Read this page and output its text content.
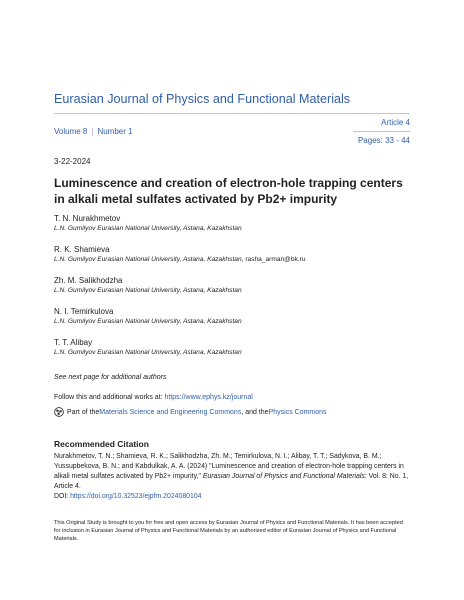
Eurasian Journal of Physics and Functional Materials
Volume 8 | Number 1
Article 4
Pages: 33 - 44
3-22-2024
Luminescence and creation of electron-hole trapping centers in alkali metal sulfates activated by Pb2+ impurity
T. N. Nurakhmetov
L.N. Gumilyov Eurasian National University, Astana, Kazakhstan
R. K. Shamieva
L.N. Gumilyov Eurasian National University, Astana, Kazakhstan, rasha_arman@bk.ru
Zh. M. Salikhodzha
L.N. Gumilyov Eurasian National University, Astana, Kazakhstan
N. I. Temirkulova
L.N. Gumilyov Eurasian National University, Astana, Kazakhstan
T. T. Alibay
L.N. Gumilyov Eurasian National University, Astana, Kazakhstan
See next page for additional authors
Follow this and additional works at: https://www.ephys.kz/journal
Part of the Materials Science and Engineering Commons , and the Physics Commons
Recommended Citation
Nurakhmetov, T. N.; Shamieva, R. K.; Salikhodzha, Zh. M.; Temirkulova, N. I.; Alibay, T. T.; Sadykova, B. M.; Yussupbekova, B. N.; and Kabdulkak, A. A. (2024) "Luminescence and creation of electron-hole trapping centers in alkali metal sulfates activated by Pb2+ impurity," Eurasian Journal of Physics and Functional Materials: Vol. 8: No. 1, Article 4.
DOI: https://doi.org/10.32523/ejpfm.2024080104
This Original Study is brought to you for free and open access by Eurasian Journal of Physics and Functional Materials. It has been accepted for inclusion in Eurasian Journal of Physics and Functional Materials by an authorized editor of Eurasian Journal of Physics and Functional Materials.
